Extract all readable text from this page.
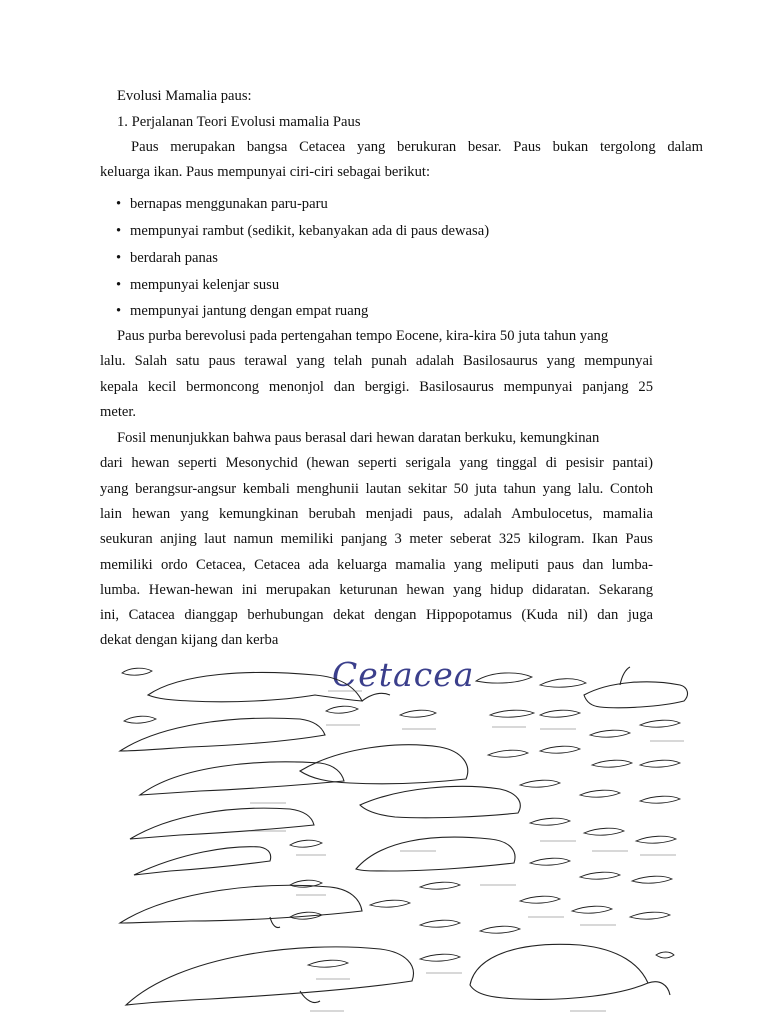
Evolusi Mamalia paus:
1. Perjalanan Teori Evolusi mamalia Paus
Paus merupakan bangsa Cetacea yang berukuran besar. Paus bukan tergolong dalam
keluarga ikan. Paus mempunyai ciri-ciri sebagai berikut:
• bernapas menggunakan paru-paru
• mempunyai rambut (sedikit, kebanyakan ada di paus dewasa)
• berdarah panas
• mempunyai kelenjar susu
• mempunyai jantung dengan empat ruang
Paus purba berevolusi pada pertengahan tempo Eocene, kira-kira 50 juta tahun yang
lalu. Salah satu paus terawal yang telah punah adalah Basilosaurus yang mempunyai
kepala kecil bermoncong menonjol dan bergigi. Basilosaurus mempunyai panjang 25
meter.
Fosil menunjukkan bahwa paus berasal dari hewan daratan berkuku, kemungkinan
dari hewan seperti Mesonychid (hewan seperti serigala yang tinggal di pesisir pantai)
yang berangsur-angsur kembali menghunii lautan sekitar 50 juta tahun yang lalu. Contoh
lain hewan yang kemungkinan berubah menjadi paus, adalah Ambulocetus, mamalia
seukuran anjing laut namun memiliki panjang 3 meter seberat 325 kilogram. Ikan Paus
memiliki ordo Cetacea, Cetacea ada keluarga mamalia yang meliputi paus dan lumba-
lumba. Hewan-hewan ini merupakan keturunan hewan yang hidup didaratan. Sekarang
ini, Catacea dianggap berhubungan dekat dengan Hippopotamus (Kuda nil) dan juga
dekat dengan kijang dan kerba
Cetacea
